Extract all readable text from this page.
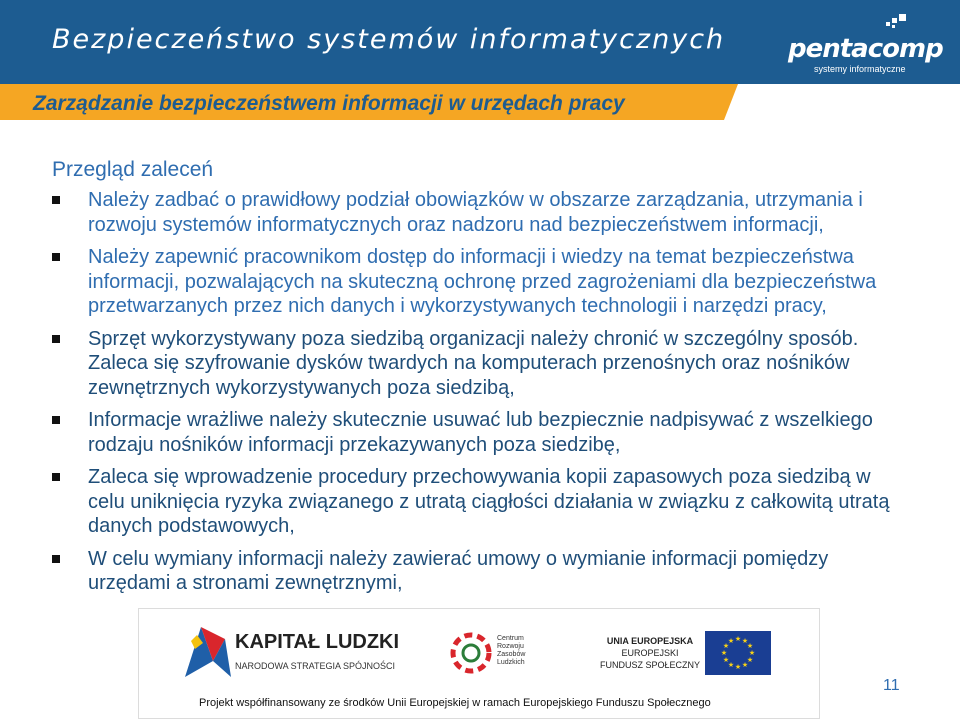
Bezpieczeństwo systemów informatycznych pentacomp
systemy informatyczne
Zarządzanie bezpieczeństwem informacji w urzędach pracy
Przegląd zaleceń
Należy zadbać o prawidłowy podział obowiązków w obszarze zarządzania, utrzymania i rozwoju systemów informatycznych oraz nadzoru nad bezpieczeństwem informacji,
Należy zapewnić pracownikom dostęp do informacji i wiedzy na temat bezpieczeństwa informacji, pozwalających na skuteczną ochronę przed zagrożeniami dla bezpieczeństwa przetwarzanych przez nich danych i wykorzystywanych technologii i narzędzi pracy,
Sprzęt wykorzystywany poza siedzibą organizacji należy chronić w szczególny sposób. Zaleca się szyfrowanie dysków twardych na komputerach przenośnych oraz nośników zewnętrznych wykorzystywanych poza siedzibą,
Informacje wrażliwe należy skutecznie usuwać lub bezpiecznie nadpisywać z wszelkiego rodzaju nośników informacji przekazywanych poza siedzibę,
Zaleca się wprowadzenie procedury przechowywania kopii zapasowych poza siedzibą w celu uniknięcia ryzyka związanego z utratą ciągłości działania w związku z całkowitą utratą danych podstawowych,
W celu wymiany informacji należy zawierać umowy o wymianie informacji pomiędzy urzędami a stronami zewnętrznymi,
KAPITAŁ LUDZKI
NARODOWA STRATEGIA SPÓJNOŚCI
Centrum
Rozwoju
Zasobów
Ludzkich
UNIA EUROPEJSKA
EUROPEJSKI
FUNDUSZ SPOŁECZNY
★ ★
★
★
★
★
★
★
★
★
★
★
Projekt współfinansowany ze środków Unii Europejskiej w ramach Europejskiego Funduszu Społecznego
11
